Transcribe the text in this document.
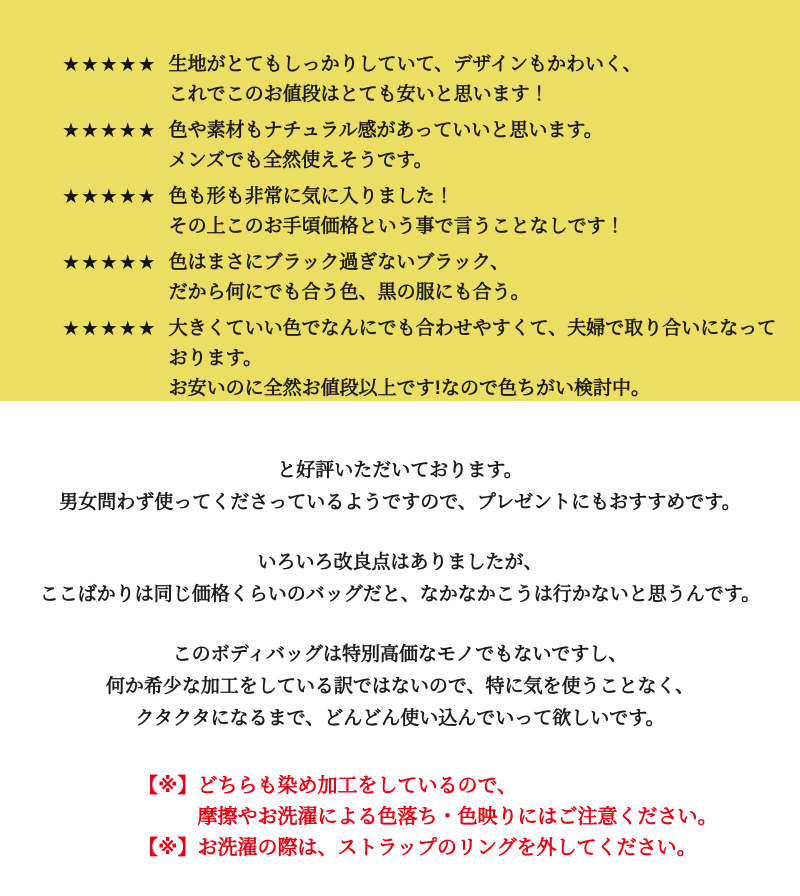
★★★★★ 生地がとてもしっかりしていて、デザインもかわいく、
これでこのお値段はとても安いと思います！

★★★★★ 色や素材もナチュラル感があっていいと思います。
メンズでも全然使えそうです。

★★★★★ 色も形も非常に気に入りました！
その上このお手頃価格という事で言うことなしです！

★★★★★ 色はまさにブラック過ぎないブラック、
だから何にでも合う色、黒の服にも合う。

★★★★★ 大きくていい色でなんにでも合わせやすくて、夫婦で取り合いになっております。
お安いのに全然お値段以上です!なので色ちがい検討中。

と好評いただいております。
男女問わず使ってくださっているようですので、プレゼントにもおすすめです。

いろいろ改良点はありましたが、
ここばかりは同じ価格くらいのバッグだと、なかなかこうは行かないと思うんです。

このボディバッグは特別高価なモノでもないですし、
何か希少な加工をしている訳ではないので、特に気を使うことなく、
クタクタになるまで、どんどん使い込んでいって欲しいです。

【※】 どちらも染め加工をしているので、
摩擦やお洗濯による色落ち・色映りにはご注意ください。

【※】 お洗濯の際は、ストラップのリングを外してください。
